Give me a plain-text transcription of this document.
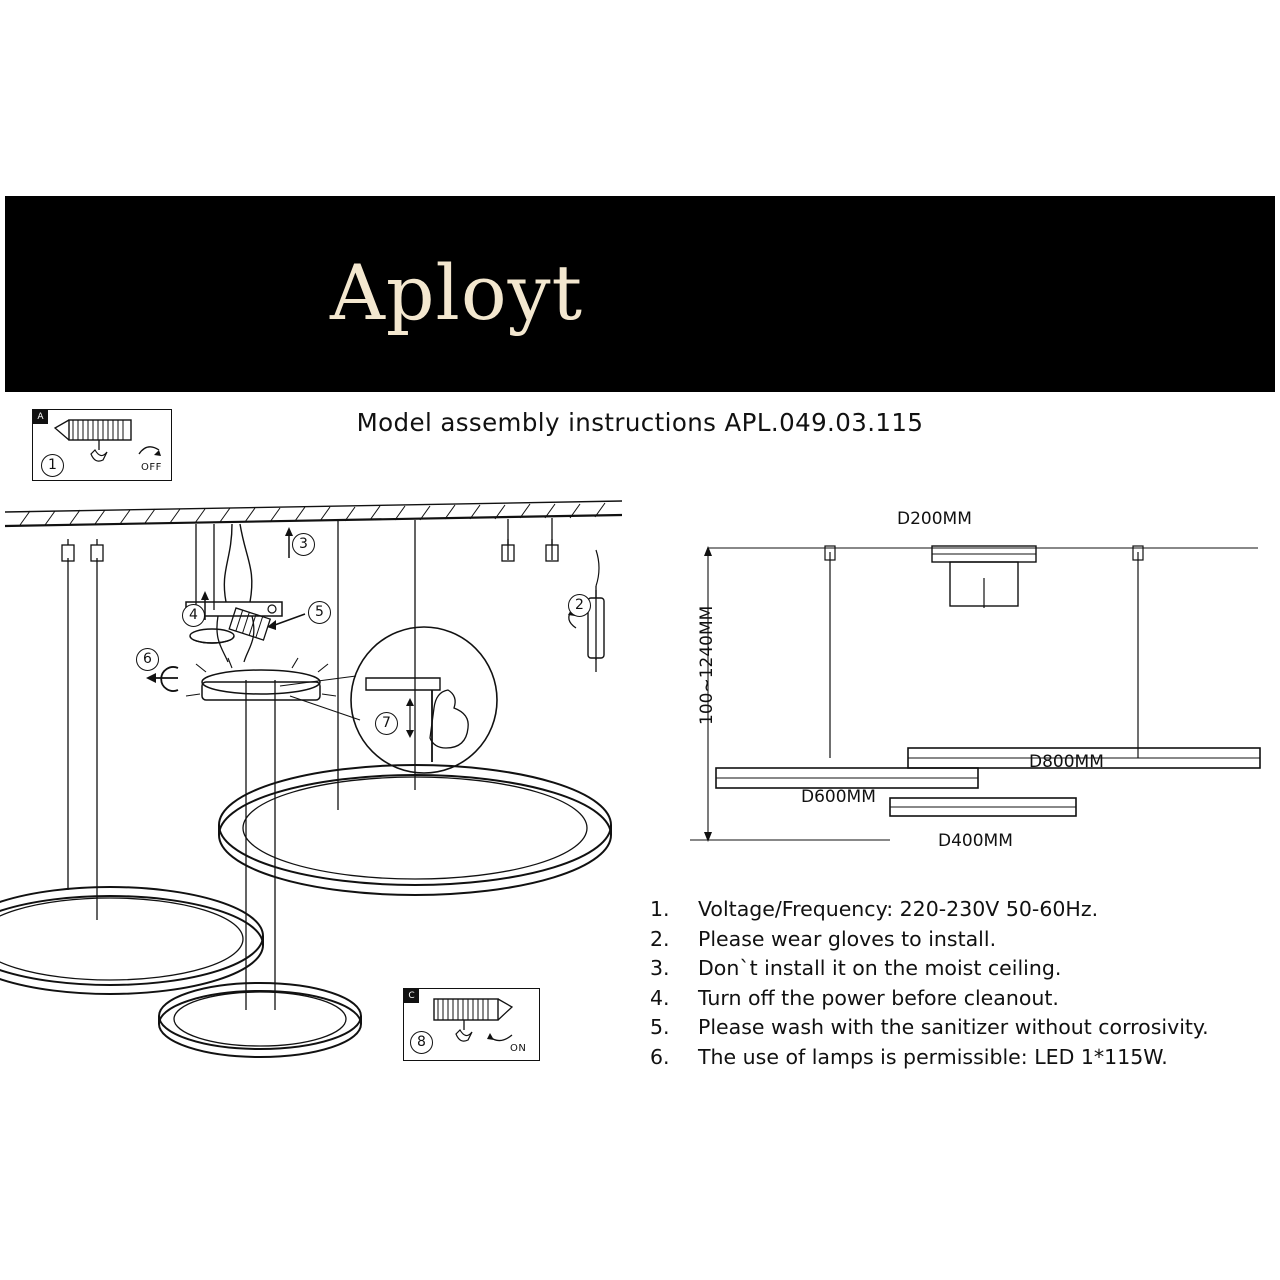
Aployt
Model assembly instructions APL.049.03.115
A
1	OFF
C
8	ON
3
4	5
6
7
2
D200MM
D800MM
D600MM
D400MM
100~1240MM
1.	Voltage/Frequency: 220-230V 50-60Hz.
2.	Please wear gloves to install.
3.	Don`t install it on the moist ceiling.
4.	Turn off the power before cleanout.
5.	Please wash with the sanitizer without corrosivity.
6.	The use of lamps is permissible: LED 1*115W.
